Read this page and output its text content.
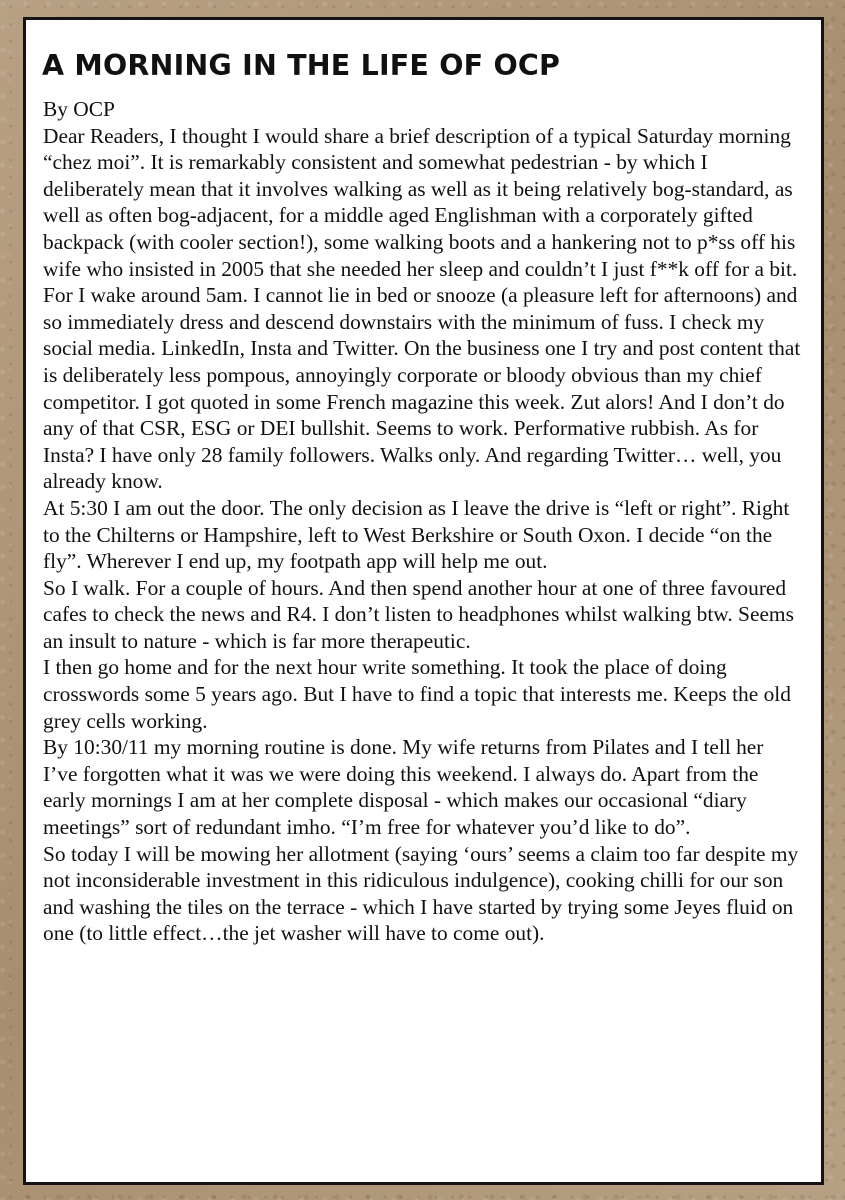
A MORNING IN THE LIFE OF OCP

By OCP

Dear Readers, I thought I would share a brief description of a typical Saturday morning “chez moi”. It is remarkably consistent and somewhat pedestrian - by which I deliberately mean that it involves walking as well as it being relatively bog-standard, as well as often bog-adjacent, for a middle aged Englishman with a corporately gifted backpack (with cooler section!), some walking boots and a hankering not to p*ss off his wife who insisted in 2005 that she needed her sleep and couldn’t I just f**k off for a bit.

For I wake around 5am. I cannot lie in bed or snooze (a pleasure left for afternoons) and so immediately dress and descend downstairs with the minimum of fuss. I check my social media. LinkedIn, Insta and Twitter. On the business one I try and post content that is deliberately less pompous, annoyingly corporate or bloody obvious than my chief competitor. I got quoted in some French magazine this week. Zut alors! And I don’t do any of that CSR, ESG or DEI bullshit. Seems to work. Performative rubbish. As for Insta? I have only 28 family followers. Walks only. And regarding Twitter… well, you already know.

At 5:30 I am out the door. The only decision as I leave the drive is “left or right”. Right to the Chilterns or Hampshire, left to West Berkshire or South Oxon. I decide “on the fly”. Wherever I end up, my footpath app will help me out.

So I walk. For a couple of hours. And then spend another hour at one of three favoured cafes to check the news and R4. I don’t listen to headphones whilst walking btw. Seems an insult to nature - which is far more therapeutic.

I then go home and for the next hour write something. It took the place of doing crosswords some 5 years ago. But I have to find a topic that interests me. Keeps the old grey cells working.

By 10:30/11 my morning routine is done. My wife returns from Pilates and I tell her I’ve forgotten what it was we were doing this weekend. I always do. Apart from the early mornings I am at her complete disposal - which makes our occasional “diary meetings” sort of redundant imho. “I’m free for whatever you’d like to do”.

So today I will be mowing her allotment (saying ‘ours’ seems a claim too far despite my not inconsiderable investment in this ridiculous indulgence), cooking chilli for our son and washing the tiles on the terrace - which I have started by trying some Jeyes fluid on one (to little effect…the jet washer will have to come out).
